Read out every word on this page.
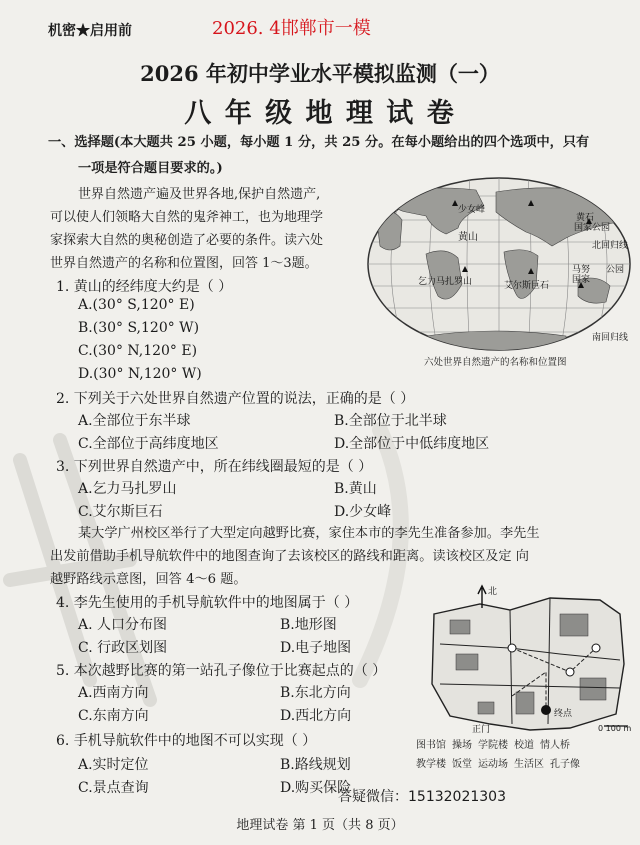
机密★启用前	2026. 4邯郸市一模
2026 年初中学业水平模拟监测（一）
八 年 级 地 理 试 卷
一、选择题(本大题共 25 小题，每小题 1 分，共 25 分。在每小题给出的四个选项中，只有
一项是符合题目要求的。)
世界自然遗产遍及世界各地,保护自然遗产,
可以使人们领略大自然的鬼斧神工，也为地理学
家探索大自然的奥秘创造了必要的条件。读六处
世界自然遗产的名称和位置图，回答 1～3题。
少女峰
黄石
国家公园
黄山
北回归线
乞力马扎罗山
马努
国家
公园
艾尔斯巨石
南回归线
六处世界自然遗产的名称和位置图
1. 黄山的经纬度大约是（ ）
A.(30° S,120° E)
B.(30° S,120° W)
C.(30° N,120° E)
D.(30° N,120° W)
2. 下列关于六处世界自然遗产位置的说法，正确的是（ ）
A.全部位于东半球	B.全部位于北半球
C.全部位于高纬度地区	D.全部位于中低纬度地区
3. 下列世界自然遗产中，所在纬线圈最短的是（ ）
A.乞力马扎罗山	B.黄山
C.艾尔斯巨石	D.少女峰
某大学广州校区举行了大型定向越野比赛，家住本市的李先生准备参加。李先生
出发前借助手机导航软件中的地图查询了去该校区的路线和距离。读该校区及定 向
越野路线示意图，回答 4～6 题。
4. 李先生使用的手机导航软件中的地图属于（ ）
A. 人口分布图	B.地形图
C. 行政区划图	D.电子地图
5. 本次越野比赛的第一站孔子像位于比赛起点的（ ）
A.西南方向	B.东北方向
C.东南方向	D.西北方向
6. 手机导航软件中的地图不可以实现（ ）
A.实时定位	B.路线规划
C.景点查询	D.购买保险
北
正门
终点
0 100 m
图书馆 操场 学院楼 校道 情人桥
教学楼 饭堂 运动场 生活区 孔子像
答疑微信：15132021303
地理试卷 第 1 页（共 8 页）
